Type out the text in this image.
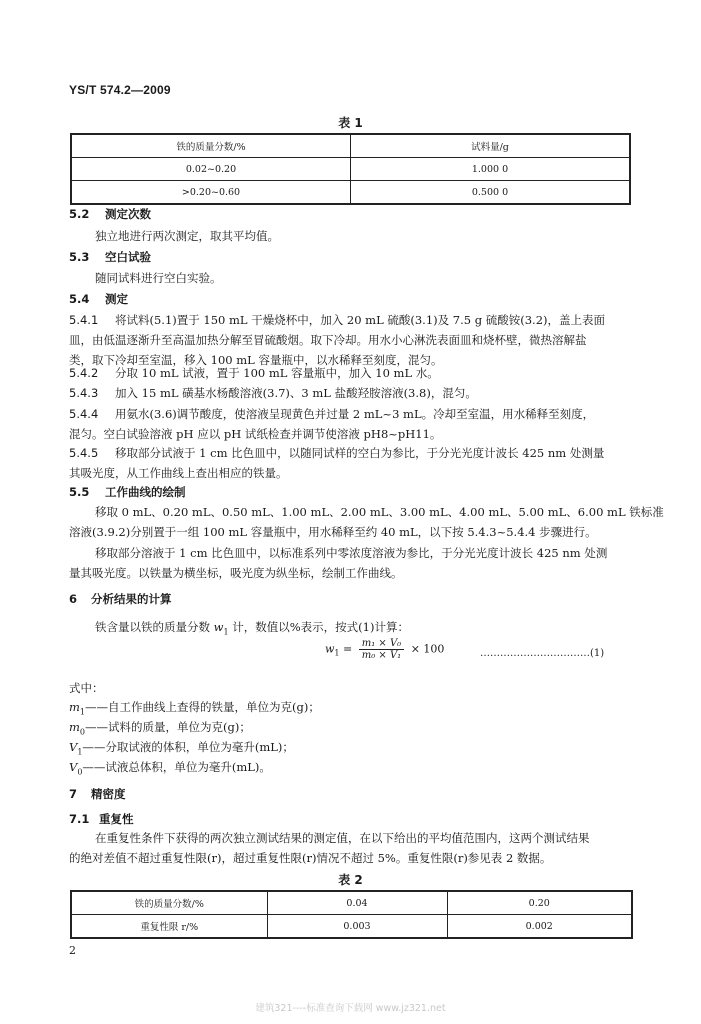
YS/T 574.2—2009
表 1
铁的质量分数/%	试料量/g
0.02~0.20	1.000 0
>0.20~0.60	0.500 0
5.2 测定次数
独立地进行两次测定，取其平均值。
5.3 空白试验
随同试料进行空白实验。
5.4 测定
5.4.1 将试料(5.1)置于 150 mL 干燥烧杯中，加入 20 mL 硫酸(3.1)及 7.5 g 硫酸铵(3.2)，盖上表面
皿，由低温逐渐升至高温加热分解至冒硫酸烟。取下冷却。用水小心淋洗表面皿和烧杯壁，微热溶解盐
类，取下冷却至室温，移入 100 mL 容量瓶中，以水稀释至刻度，混匀。
5.4.2 分取 10 mL 试液，置于 100 mL 容量瓶中，加入 10 mL 水。
5.4.3 加入 15 mL 磺基水杨酸溶液(3.7)、3 mL 盐酸羟胺溶液(3.8)，混匀。
5.4.4 用氨水(3.6)调节酸度，使溶液呈现黄色并过量 2 mL~3 mL。冷却至室温，用水稀释至刻度，
混匀。空白试验溶液 pH 应以 pH 试纸检查并调节使溶液 pH8~pH11。
5.4.5 移取部分试液于 1 cm 比色皿中，以随同试样的空白为参比，于分光光度计波长 425 nm 处测量
其吸光度，从工作曲线上查出相应的铁量。
5.5 工作曲线的绘制
移取 0 mL、0.20 mL、0.50 mL、1.00 mL、2.00 mL、3.00 mL、4.00 mL、5.00 mL、6.00 mL 铁标准
溶液(3.9.2)分别置于一组 100 mL 容量瓶中，用水稀释至约 40 mL，以下按 5.4.3~5.4.4 步骤进行。
移取部分溶液于 1 cm 比色皿中，以标准系列中零浓度溶液为参比，于分光光度计波长 425 nm 处测
量其吸光度。以铁量为横坐标，吸光度为纵坐标，绘制工作曲线。
6 分析结果的计算
铁含量以铁的质量分数 $w_1$ 计，数值以%表示，按式(1)计算：
$w_1 = \frac{\text{m₁ × V₀}}{\text{m₀ × V₁}} \times 100$	……………………………(1)
式中：
$m_1——$自工作曲线上查得的铁量，单位为克(g)；
$m_0——$试料的质量，单位为克(g)；
$V_1——$分取试液的体积，单位为毫升(mL)；
$V_0——$试液总体积，单位为毫升(mL)。
7 精密度
7.1 重复性
在重复性条件下获得的两次独立测试结果的测定值，在以下给出的平均值范围内，这两个测试结果
的绝对差值不超过重复性限(r)，超过重复性限(r)情况不超过 5%。重复性限(r)参见表 2 数据。
表 2
铁的质量分数/%	0.04	0.20
重复性限 r/%	0.003	0.002
2
建筑321----标准查询下载网 www.jz321.net
